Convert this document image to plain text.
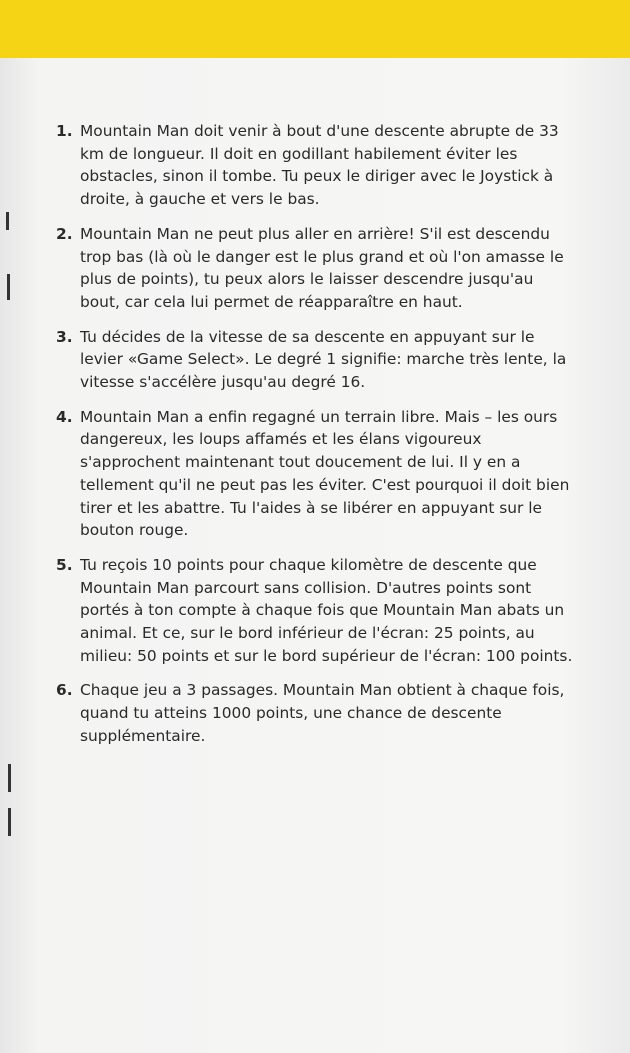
1. Mountain Man doit venir à bout d'une descente abrupte de 33 km de longueur. Il doit en godillant habilement éviter les obstacles, sinon il tombe. Tu peux le diriger avec le Joystick à droite, à gauche et vers le bas.
2. Mountain Man ne peut plus aller en arrière! S'il est descendu trop bas (là où le danger est le plus grand et où l'on amasse le plus de points), tu peux alors le laisser descendre jusqu'au bout, car cela lui permet de réapparaître en haut.
3. Tu décides de la vitesse de sa descente en appuyant sur le levier «Game Select». Le degré 1 signifie: marche très lente, la vitesse s'accélère jusqu'au degré 16.
4. Mountain Man a enfin regagné un terrain libre. Mais – les ours dangereux, les loups affamés et les élans vigoureux s'approchent maintenant tout doucement de lui. Il y en a tellement qu'il ne peut pas les éviter. C'est pourquoi il doit bien tirer et les abattre. Tu l'aides à se libérer en appuyant sur le bouton rouge.
5. Tu reçois 10 points pour chaque kilomètre de descente que Mountain Man parcourt sans collision. D'autres points sont portés à ton compte à chaque fois que Mountain Man abats un animal. Et ce, sur le bord inférieur de l'écran: 25 points, au milieu: 50 points et sur le bord supérieur de l'écran: 100 points.
6. Chaque jeu a 3 passages. Mountain Man obtient à chaque fois, quand tu atteins 1000 points, une chance de descente supplémentaire.
